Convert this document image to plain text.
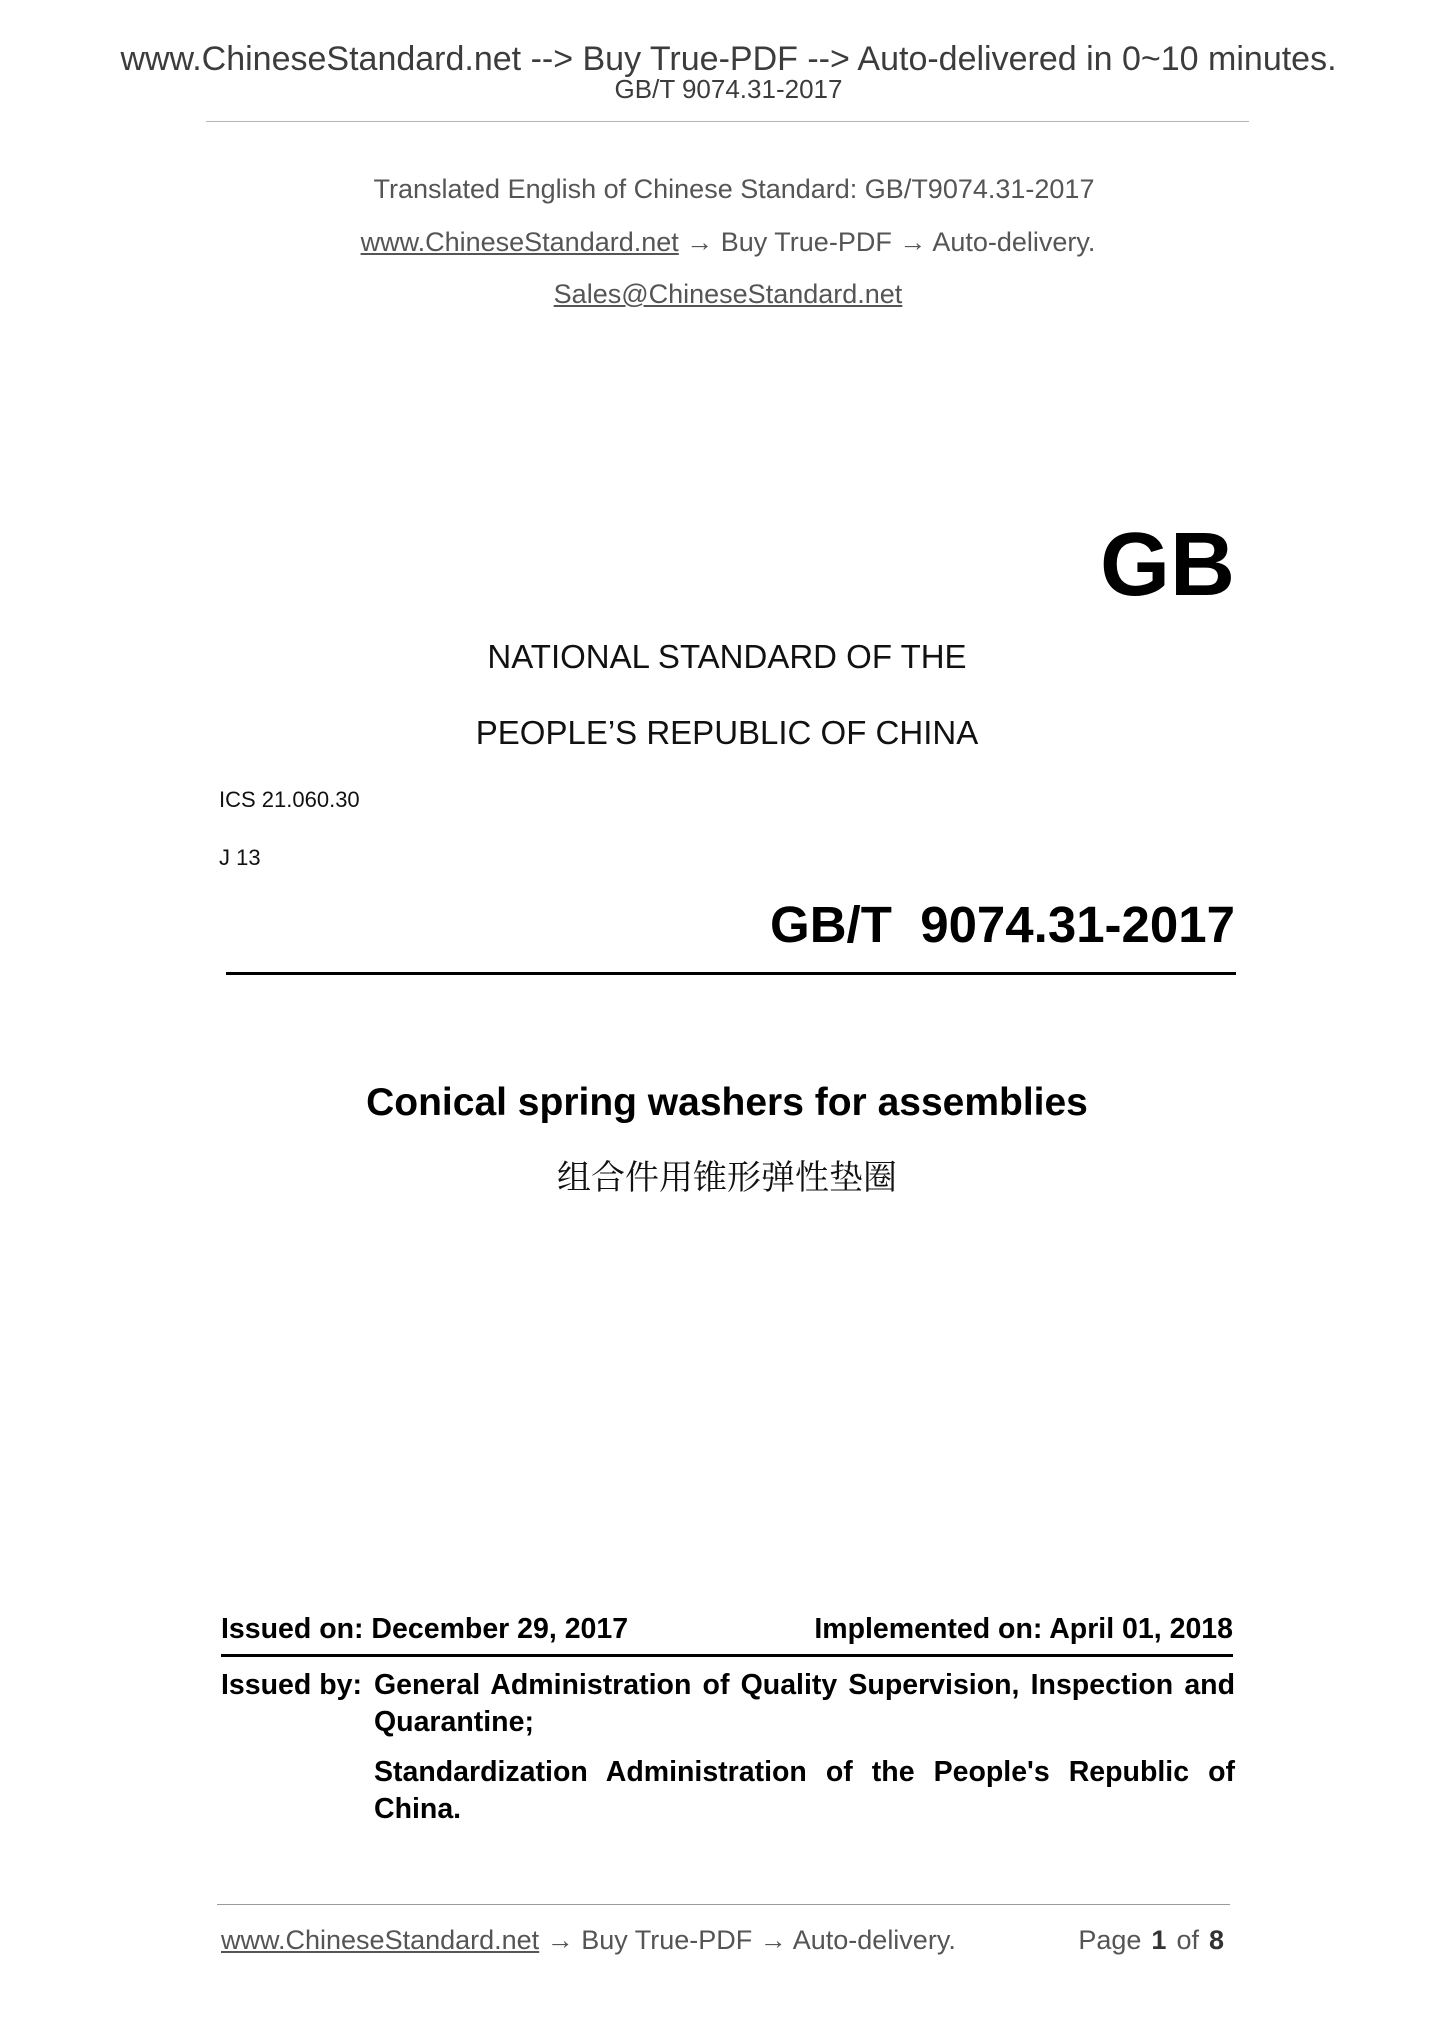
www.ChineseStandard.net --> Buy True-PDF --> Auto-delivered in 0~10 minutes.
GB/T 9074.31-2017
Translated English of Chinese Standard: GB/T9074.31-2017
www.ChineseStandard.net → Buy True-PDF → Auto-delivery.
Sales@ChineseStandard.net
GB
NATIONAL STANDARD OF THE
PEOPLE’S REPUBLIC OF CHINA
ICS 21.060.30
J 13
GB/T  9074.31-2017
Conical spring washers for assemblies
组合件用锥形弹性垫圈
Issued on: December 29, 2017	Implemented on: April 01, 2018
Issued by: General Administration of Quality Supervision, Inspection and Quarantine;

Standardization Administration of the People's Republic of China.

www.ChineseStandard.net → Buy True-PDF → Auto-delivery.	Page 1 of 8
